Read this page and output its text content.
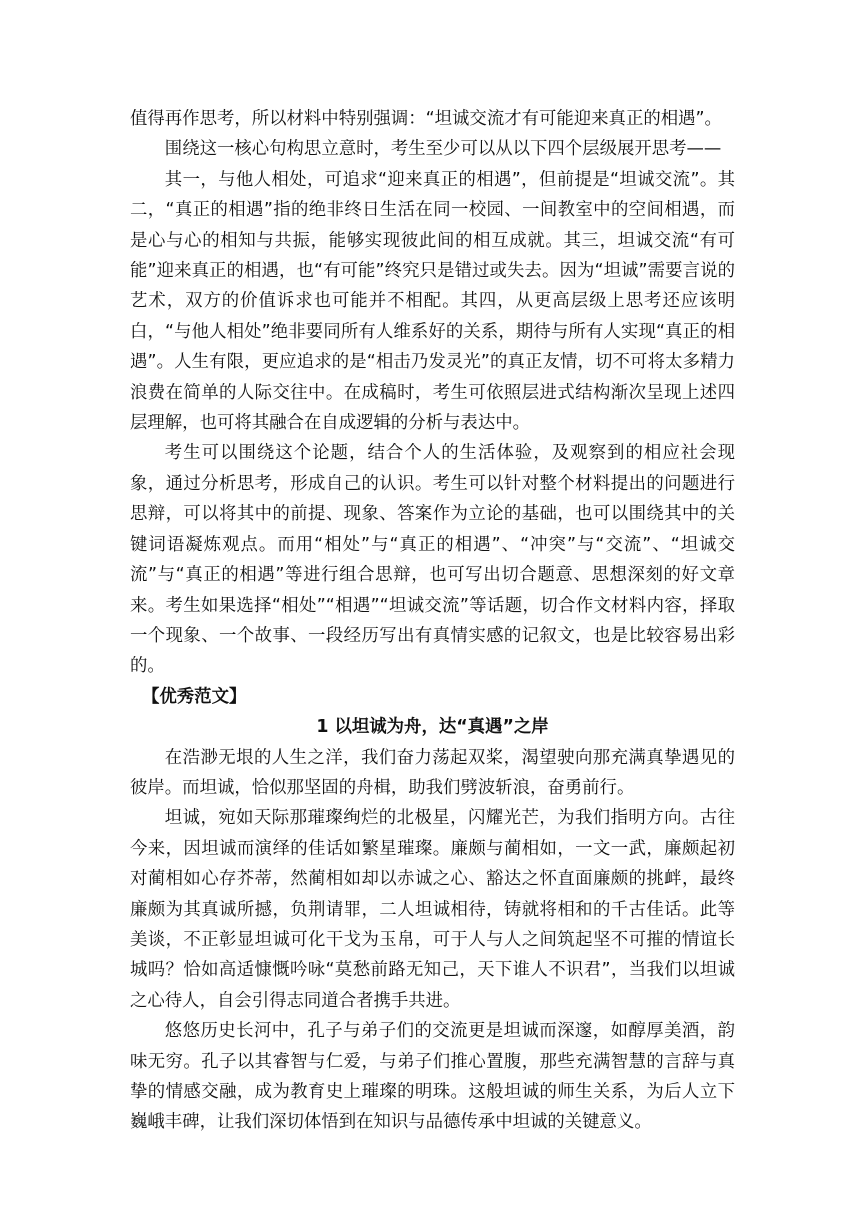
值得再作思考，所以材料中特别强调：“坦诚交流才有可能迎来真正的相遇”。

围绕这一核心句构思立意时，考生至少可以从以下四个层级展开思考——

其一，与他人相处，可追求“迎来真正的相遇”，但前提是“坦诚交流”。其二，“真正的相遇”指的绝非终日生活在同一校园、一间教室中的空间相遇，而是心与心的相知与共振，能够实现彼此间的相互成就。其三，坦诚交流“有可能”迎来真正的相遇，也“有可能”终究只是错过或失去。因为“坦诚”需要言说的艺术，双方的价值诉求也可能并不相配。其四，从更高层级上思考还应该明白，“与他人相处”绝非要同所有人维系好的关系，期待与所有人实现“真正的相遇”。人生有限，更应追求的是“相击乃发灵光”的真正友情，切不可将太多精力浪费在简单的人际交往中。在成稿时，考生可依照层进式结构渐次呈现上述四层理解，也可将其融合在自成逻辑的分析与表达中。

考生可以围绕这个论题，结合个人的生活体验，及观察到的相应社会现象，通过分析思考，形成自己的认识。考生可以针对整个材料提出的问题进行思辩，可以将其中的前提、现象、答案作为立论的基础，也可以围绕其中的关键词语凝炼观点。而用“相处”与“真正的相遇”、“冲突”与“交流”、“坦诚交流”与“真正的相遇”等进行组合思辩，也可写出切合题意、思想深刻的好文章来。考生如果选择“相处”“相遇”“坦诚交流”等话题，切合作文材料内容，择取一个现象、一个故事、一段经历写出有真情实感的记叙文，也是比较容易出彩的。

【优秀范文】

1 以坦诚为舟，达“真遇”之岸

在浩渺无垠的人生之洋，我们奋力荡起双桨，渴望驶向那充满真挚遇见的彼岸。而坦诚，恰似那坚固的舟楫，助我们劈波斩浪，奋勇前行。

坦诚，宛如天际那璀璨绚烂的北极星，闪耀光芒，为我们指明方向。古往今来，因坦诚而演绎的佳话如繁星璀璨。廉颇与蔺相如，一文一武，廉颇起初对蔺相如心存芥蒂，然蔺相如却以赤诚之心、豁达之怀直面廉颇的挑衅，最终廉颇为其真诚所撼，负荆请罪，二人坦诚相待，铸就将相和的千古佳话。此等美谈，不正彰显坦诚可化干戈为玉帛，可于人与人之间筑起坚不可摧的情谊长城吗？恰如高适慷慨吟咏“莫愁前路无知己，天下谁人不识君”，当我们以坦诚之心待人，自会引得志同道合者携手共进。

悠悠历史长河中，孔子与弟子们的交流更是坦诚而深邃，如醇厚美酒，韵味无穷。孔子以其睿智与仁爱，与弟子们推心置腹，那些充满智慧的言辞与真挚的情感交融，成为教育史上璀璨的明珠。这般坦诚的师生关系，为后人立下巍峨丰碑，让我们深切体悟到在知识与品德传承中坦诚的关键意义。
